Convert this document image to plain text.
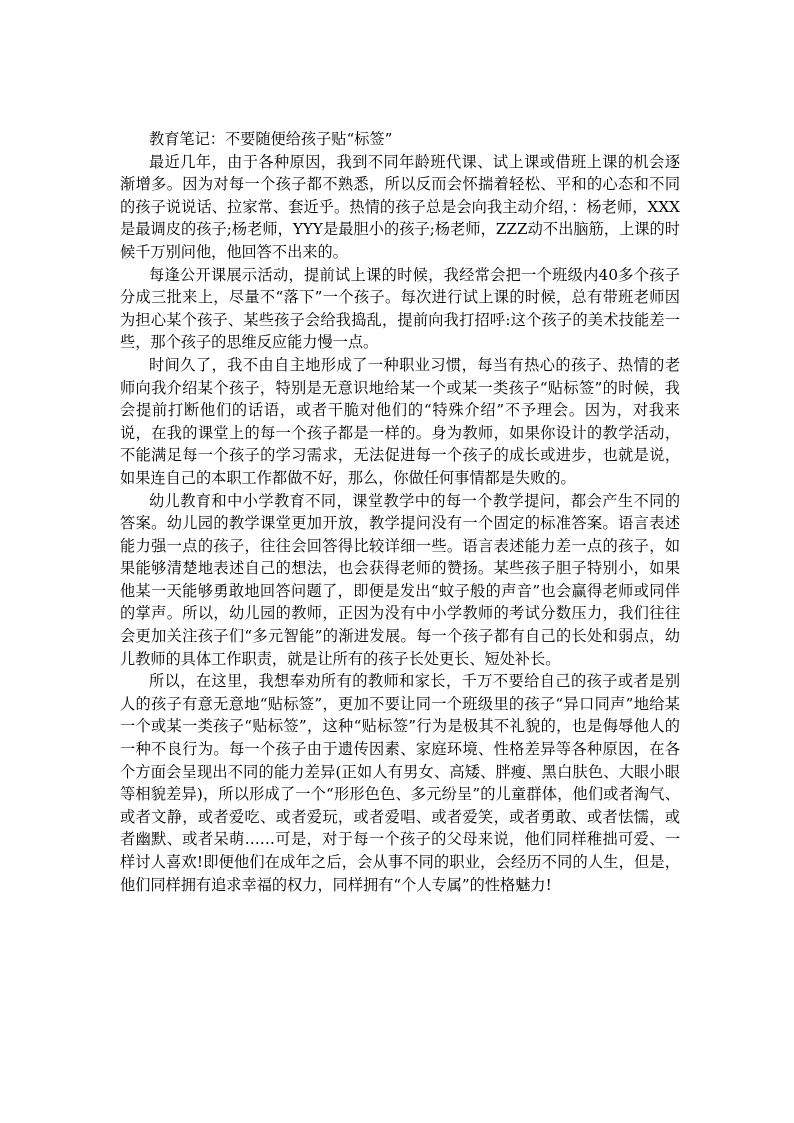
教育笔记：不要随便给孩子贴“标签”

最近几年，由于各种原因，我到不同年龄班代课、试上课或借班上课的机会逐渐增多。因为对每一个孩子都不熟悉，所以反而会怀揣着轻松、平和的心态和不同的孩子说说话、拉家常、套近乎。热情的孩子总是会向我主动介绍，：杨老师，XXX是最调皮的孩子;杨老师，YYY是最胆小的孩子;杨老师，ZZZ动不出脑筋，上课的时候千万别问他，他回答不出来的。

每逢公开课展示活动，提前试上课的时候，我经常会把一个班级内40多个孩子分成三批来上，尽量不“落下”一个孩子。每次进行试上课的时候，总有带班老师因为担心某个孩子、某些孩子会给我捣乱，提前向我打招呼:这个孩子的美术技能差一些，那个孩子的思维反应能力慢一点。

时间久了，我不由自主地形成了一种职业习惯，每当有热心的孩子、热情的老师向我介绍某个孩子，特别是无意识地给某一个或某一类孩子“贴标签”的时候，我会提前打断他们的话语，或者干脆对他们的“特殊介绍”不予理会。因为，对我来说，在我的课堂上的每一个孩子都是一样的。身为教师，如果你设计的教学活动，不能满足每一个孩子的学习需求，无法促进每一个孩子的成长或进步，也就是说，如果连自己的本职工作都做不好，那么，你做任何事情都是失败的。

幼儿教育和中小学教育不同，课堂教学中的每一个教学提问，都会产生不同的答案。幼儿园的教学课堂更加开放，教学提问没有一个固定的标准答案。语言表述能力强一点的孩子，往往会回答得比较详细一些。语言表述能力差一点的孩子，如果能够清楚地表述自己的想法，也会获得老师的赞扬。某些孩子胆子特别小，如果他某一天能够勇敢地回答问题了，即便是发出“蚊子般的声音”也会赢得老师或同伴的掌声。所以，幼儿园的教师，正因为没有中小学教师的考试分数压力，我们往往会更加关注孩子们“多元智能”的渐进发展。每一个孩子都有自己的长处和弱点，幼儿教师的具体工作职责，就是让所有的孩子长处更长、短处补长。

所以，在这里，我想奉劝所有的教师和家长，千万不要给自己的孩子或者是别人的孩子有意无意地“贴标签”，更加不要让同一个班级里的孩子“异口同声”地给某一个或某一类孩子“贴标签”，这种“贴标签”行为是极其不礼貌的，也是侮辱他人的一种不良行为。每一个孩子由于遗传因素、家庭环境、性格差异等各种原因，在各个方面会呈现出不同的能力差异(正如人有男女、高矮、胖瘦、黑白肤色、大眼小眼等相貌差异)，所以形成了一个“形形色色、多元纷呈”的儿童群体，他们或者淘气、或者文静，或者爱吃、或者爱玩，或者爱唱、或者爱笑，或者勇敢、或者怯懦，或者幽默、或者呆萌……可是，对于每一个孩子的父母来说，他们同样稚拙可爱、一样讨人喜欢!即便他们在成年之后，会从事不同的职业，会经历不同的人生，但是，他们同样拥有追求幸福的权力，同样拥有“个人专属”的性格魅力!
